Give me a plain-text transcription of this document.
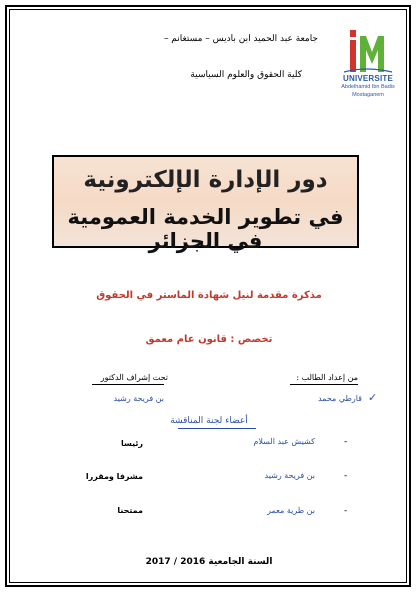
جامعة عبد الحميد ابن باديس – مستغانم –
كلية الحقوق والعلوم السياسية	UNIVERSITE
Abdelhamid Ibn Badis
Mostaganem
دور الإدارة الإلكترونية
في تطوير الخدمة العمومية في الجزائر
مذكرة مقدمة لنيل شهادة الماستر في الحقوق
تخصص : قانون عام معمق
من إعداد الطالب :
تحت إشراف الدكتور
✓
قارطي محمد
بن فريحة رشيد
أعضاء لجنة المناقشة
-
كشيش عبد السلام
رئيسا
-
بن فريحة رشيد
مشرفا ومقررا
-
بن طرية معمر
ممتحنا
السنة الجامعية 2016 / 2017
